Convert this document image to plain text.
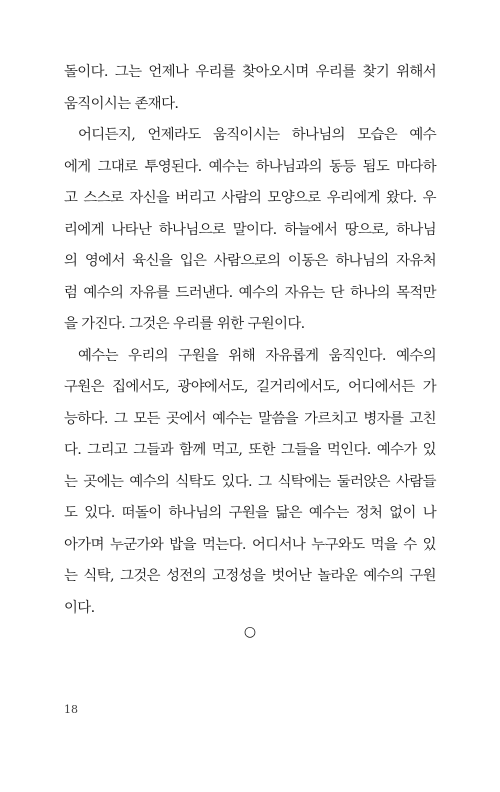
돌이다. 그는 언제나 우리를 찾아오시며 우리를 찾기 위해서
움직이시는 존재다.
어디든지, 언제라도 움직이시는 하나님의 모습은 예수
에게 그대로 투영된다. 예수는 하나님과의 동등 됨도 마다하
고 스스로 자신을 버리고 사람의 모양으로 우리에게 왔다. 우
리에게 나타난 하나님으로 말이다. 하늘에서 땅으로, 하나님
의 영에서 육신을 입은 사람으로의 이동은 하나님의 자유처
럼 예수의 자유를 드러낸다. 예수의 자유는 단 하나의 목적만
을 가진다. 그것은 우리를 위한 구원이다.
예수는 우리의 구원을 위해 자유롭게 움직인다. 예수의
구원은 집에서도, 광야에서도, 길거리에서도, 어디에서든 가
능하다. 그 모든 곳에서 예수는 말씀을 가르치고 병자를 고친
다. 그리고 그들과 함께 먹고, 또한 그들을 먹인다. 예수가 있
는 곳에는 예수의 식탁도 있다. 그 식탁에는 둘러앉은 사람들
도 있다. 떠돌이 하나님의 구원을 닮은 예수는 정처 없이 나
아가며 누군가와 밥을 먹는다. 어디서나 누구와도 먹을 수 있
는 식탁, 그것은 성전의 고정성을 벗어난 놀라운 예수의 구원
이다.
○
18
